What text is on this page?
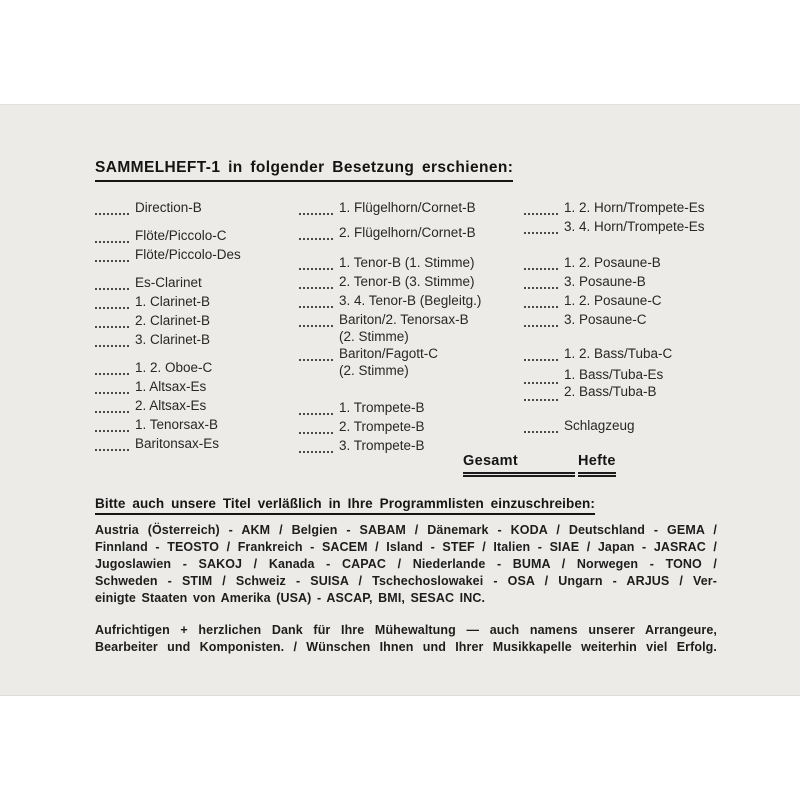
SAMMELHEFT-1 in folgender Besetzung erschienen:
Direction-B
Flöte/Piccolo-C
Flöte/Piccolo-Des
Es-Clarinet
1. Clarinet-B
2. Clarinet-B
3. Clarinet-B
1. 2. Oboe-C
1. Altsax-Es
2. Altsax-Es
1. Tenorsax-B
Baritonsax-Es
1. Flügelhorn/Cornet-B
2. Flügelhorn/Cornet-B
1. Tenor-B (1. Stimme)
2. Tenor-B (3. Stimme)
3. 4. Tenor-B (Begleitg.)
Bariton/2. Tenorsax-B
(2. Stimme)
Bariton/Fagott-C
(2. Stimme)
1. Trompete-B
2. Trompete-B
3. Trompete-B
1. 2. Horn/Trompete-Es
3. 4. Horn/Trompete-Es
1. 2. Posaune-B
3. Posaune-B
1. 2. Posaune-C
3. Posaune-C
1. 2. Bass/Tuba-C
1. Bass/Tuba-Es
2. Bass/Tuba-B
Schlagzeug
Gesamt	Hefte
Bitte auch unsere Titel verläßlich in Ihre Programmlisten einzuschreiben:
Austria (Österreich) - AKM / Belgien - SABAM / Dänemark - KODA / Deutschland - GEMA /
Finnland - TEOSTO / Frankreich - SACEM / Island - STEF / Italien - SIAE / Japan - JASRAC /
Jugoslawien - SAKOJ / Kanada - CAPAC / Niederlande - BUMA / Norwegen - TONO /
Schweden - STIM / Schweiz - SUISA / Tschechoslowakei - OSA / Ungarn - ARJUS / Ver-
einigte Staaten von Amerika (USA) - ASCAP, BMI, SESAC INC.
Aufrichtigen + herzlichen Dank für Ihre Mühewaltung — auch namens unserer Arrangeure,
Bearbeiter und Komponisten. / Wünschen Ihnen und Ihrer Musikkapelle weiterhin viel Erfolg.
